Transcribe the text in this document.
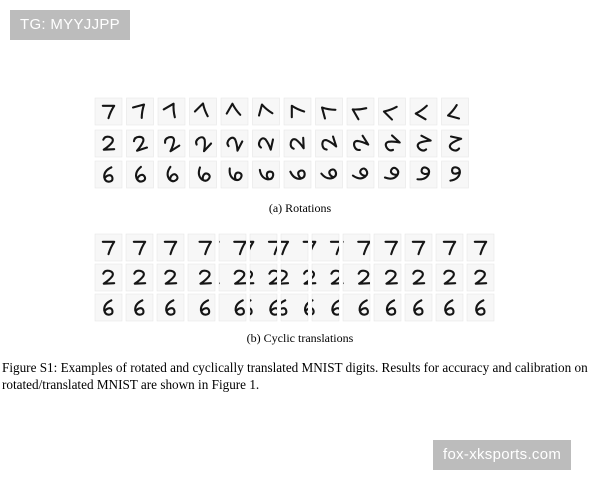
TG: MYYJJPP
(a) Rotations
(b) Cyclic translations
Figure S1: Examples of rotated and cyclically translated MNIST digits. Results for accuracy and calibration on rotated/translated MNIST are shown in Figure 1.
fox-xksports.com
